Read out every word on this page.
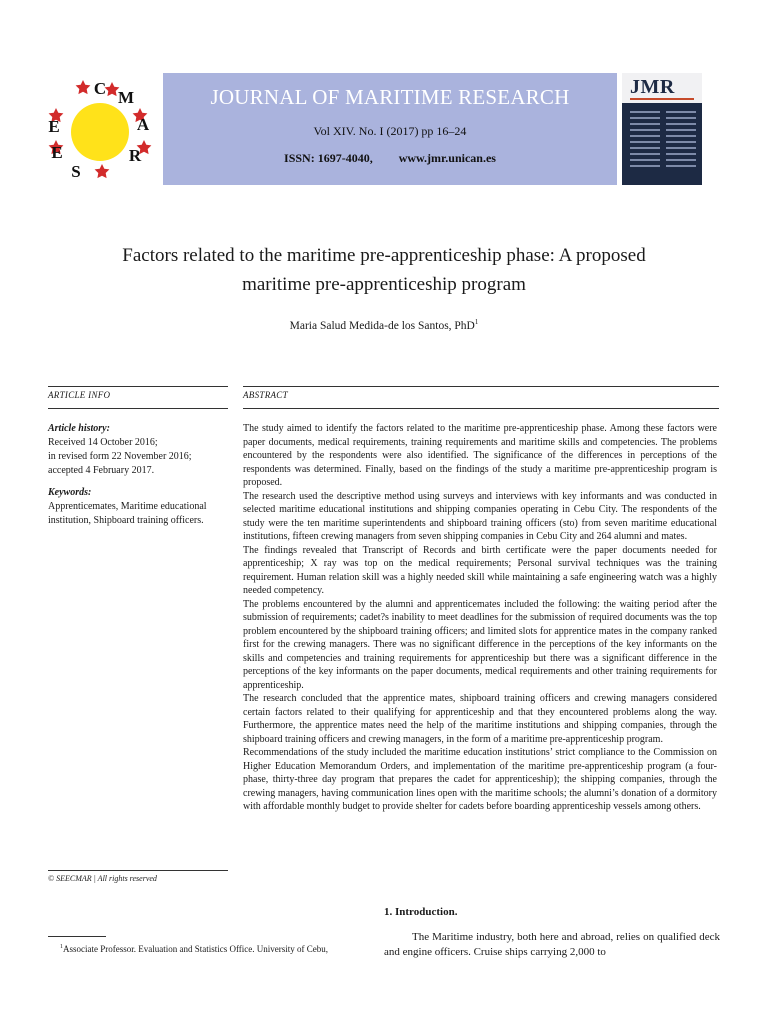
C M
A
R
S
E
E
JOURNAL OF MARITIME RESEARCH
Vol XIV. No. I (2017) pp 16–24
ISSN: 1697-4040, www.jmr.unican.es
JMR
Factors related to the maritime pre-apprenticeship phase: A proposed
maritime pre-apprenticeship program
Maria Salud Medida-de los Santos, PhD$^1$
ARTICLE INFO	ABSTRACT
Article history:
Received 14 October 2016;
in revised form 22 November 2016;
accepted 4 February 2017.
Keywords:
Apprenticemates, Maritime educational institution, Shipboard training officers.

The study aimed to identify the factors related to the maritime pre-apprenticeship phase. Among these factors were paper documents, medical requirements, training requirements and maritime skills and competencies. The problems encountered by the respondents were also identified. The significance of the differences in perceptions of the respondents was determined. Finally, based on the findings of the study a maritime pre-apprenticeship program is proposed.

The research used the descriptive method using surveys and interviews with key informants and was conducted in selected maritime educational institutions and shipping companies operating in Cebu City. The respondents of the study were the ten maritime superintendents and shipboard training officers (sto) from seven maritime educational institutions, fifteen crewing managers from seven shipping companies in Cebu City and 264 alumni and mates.

The findings revealed that Transcript of Records and birth certificate were the paper documents needed for apprenticeship; X ray was top on the medical requirements; Personal survival techniques was the training requirement. Human relation skill was a highly needed skill while maintaining a safe engineering watch was a highly needed competency.

The problems encountered by the alumni and apprenticemates included the following: the waiting period after the submission of requirements; cadet?s inability to meet deadlines for the submission of required documents was the top problem encountered by the shipboard training officers; and limited slots for apprentice mates in the company ranked first for the crewing managers. There was no significant difference in the perceptions of the key informants on the skills and competencies and training requirements for apprenticeship but there was a significant difference in the perceptions of the key informants on the paper documents, medical requirements and other training requirements for apprenticeship.

The research concluded that the apprentice mates, shipboard training officers and crewing managers considered certain factors related to their qualifying for apprenticeship and that they encountered problems along the way. Furthermore, the apprentice mates need the help of the maritime institutions and shipping companies, through the shipboard training officers and crewing managers, in the form of a maritime pre-apprenticeship program.

Recommendations of the study included the maritime education institutions’ strict compliance to the Commission on Higher Education Memorandum Orders, and implementation of the maritime pre-apprenticeship program (a four-phase, thirty-three day program that prepares the cadet for apprenticeship); the shipping companies, through the crewing managers, having communication lines open with the maritime schools; the alumni’s donation of a dormitory with affordable monthly budget to provide shelter for cadets before boarding apprenticeship vessels among others.

© SEECMAR | All rights reserved
1. Introduction.

The Maritime industry, both here and abroad, relies on qualified deck and engine officers. Cruise ships carrying 2,000 to

$^1$Associate Professor. Evaluation and Statistics Office. University of Cebu,
